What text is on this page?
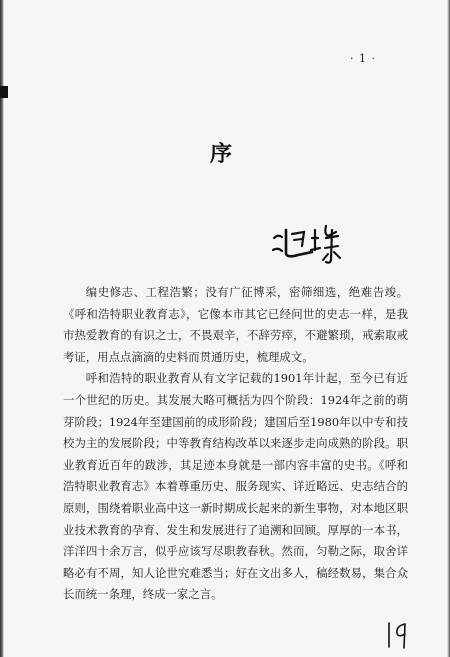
· 1 ·
序

编史修志、工程浩繁；没有广征博采，密筛细选，绝难告竣。《呼和浩特职业教育志》，它像本市其它已经问世的史志一样，是我市热爱教育的有识之士，不畏艰辛，不辞劳瘁，不避繁琐，戒索取戒考证，用点点滴滴的史料而贯通历史，梳理成文。

呼和浩特的职业教育从有文字记载的1901年计起，至今已有近一个世纪的历史。其发展大略可概括为四个阶段：1924年之前的萌芽阶段；1924年至建国前的成形阶段；建国后至1980年以中专和技校为主的发展阶段；中等教育结构改革以来逐步走向成熟的阶段。职业教育近百年的跋涉，其足迹本身就是一部内容丰富的史书。《呼和浩特职业教育志》本着尊重历史、服务现实、详近略远、史志结合的原则，围绕着职业高中这一新时期成长起来的新生事物，对本地区职业技术教育的孕育、发生和发展进行了追溯和回顾。厚厚的一本书，洋洋四十余万言，似乎应该写尽职教春秋。然而，匀勒之际，取舍详略必有不周，知人论世究难悉当；好在文出多人，稿经数易，集合众长而统一条理，终成一家之言。
